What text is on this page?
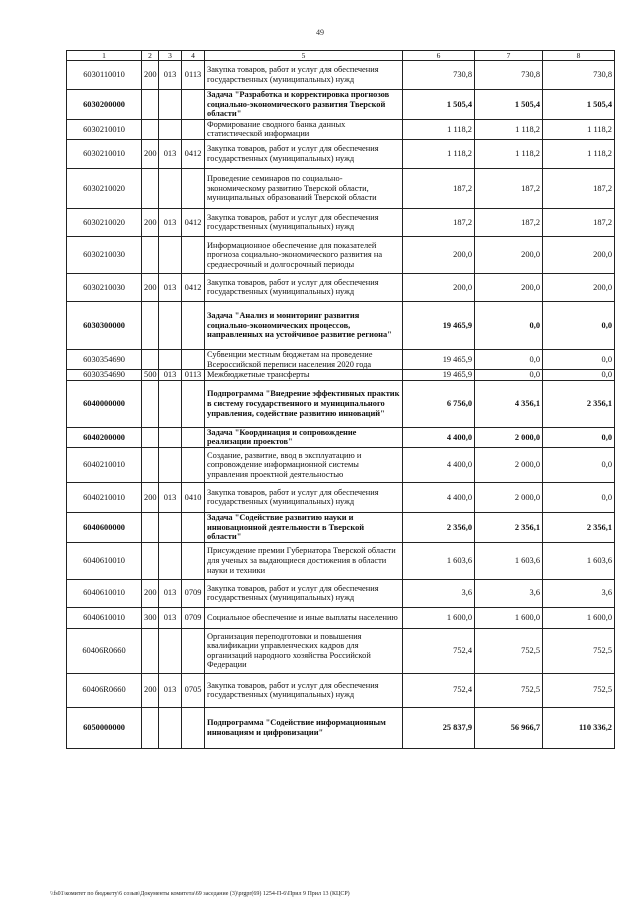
49
1	2	3	4	5	6	7	8
6030110010	200	013	0113	Закупка товаров, работ и услуг для обеспечения государственных (муниципальных) нужд	730,8	730,8	730,8
6030200000				Задача "Разработка и корректировка прогнозов социально-экономического развития Тверской области"	1 505,4	1 505,4	1 505,4
6030210010				Формирование сводного банка данных статистической информации	1 118,2	1 118,2	1 118,2
6030210010	200	013	0412	Закупка товаров, работ и услуг для обеспечения государственных (муниципальных) нужд	1 118,2	1 118,2	1 118,2
6030210020				Проведение семинаров по социально-экономическому развитию Тверской области, муниципальных образований Тверской области	187,2	187,2	187,2
6030210020	200	013	0412	Закупка товаров, работ и услуг для обеспечения государственных (муниципальных) нужд	187,2	187,2	187,2
6030210030				Информационное обеспечение для показателей прогноза социально-экономического развития на среднесрочный и долгосрочный периоды	200,0	200,0	200,0
6030210030	200	013	0412	Закупка товаров, работ и услуг для обеспечения государственных (муниципальных) нужд	200,0	200,0	200,0
6030300000				Задача "Анализ и мониторинг развития социально-экономических процессов, направленных на устойчивое развитие регионa"	19 465,9	0,0	0,0
6030354690				Субвенции местным бюджетам на проведение Всероссийской переписи населения 2020 года	19 465,9	0,0	0,0
6030354690	500	013	0113	Межбюджетные трансферты	19 465,9	0,0	0,0
6040000000				Подпрограмма "Внедрение эффективных практик в систему государственного и муниципального управления, содействие развитию инноваций"	6 756,0	4 356,1	2 356,1
6040200000				Задача "Координация и сопровождение реализации проектов"	4 400,0	2 000,0	0,0
6040210010				Создание, развитие, ввод в эксплуатацию и сопровождение информационной системы управления проектной деятельностью	4 400,0	2 000,0	0,0
6040210010	200	013	0410	Закупка товаров, работ и услуг для обеспечения государственных (муниципальных) нужд	4 400,0	2 000,0	0,0
6040600000				Задача "Содействие развитию науки и инновационной деятельности в Тверской области"	2 356,0	2 356,1	2 356,1
6040610010				Присуждение премии Губернатора Тверской области для ученых за выдающиеся достижения в области науки и техники	1 603,6	1 603,6	1 603,6
6040610010	200	013	0709	Закупка товаров, работ и услуг для обеспечения государственных (муниципальных) нужд	3,6	3,6	3,6
6040610010	300	013	0709	Социальное обеспечение и иные выплаты населению	1 600,0	1 600,0	1 600,0
60406R0660				Организация переподготовки и повышения квалификации управленческих кадров для организаций народного хозяйства Российской Федерации	752,4	752,5	752,5
60406R0660	200	013	0705	Закупка товаров, работ и услуг для обеспечения государственных (муниципальных) нужд	752,4	752,5	752,5
6050000000				Подпрограмма "Содействие информационным инновациям и цифровизации"	25 837,9	56 966,7	110 336,2
\\fs01\комитет по бюджету\6 созыв\Документы комитета\69 заседание (3)\prgpr(69) 1254-П-6\Прил 9 Прил 13 (КЦСР)
